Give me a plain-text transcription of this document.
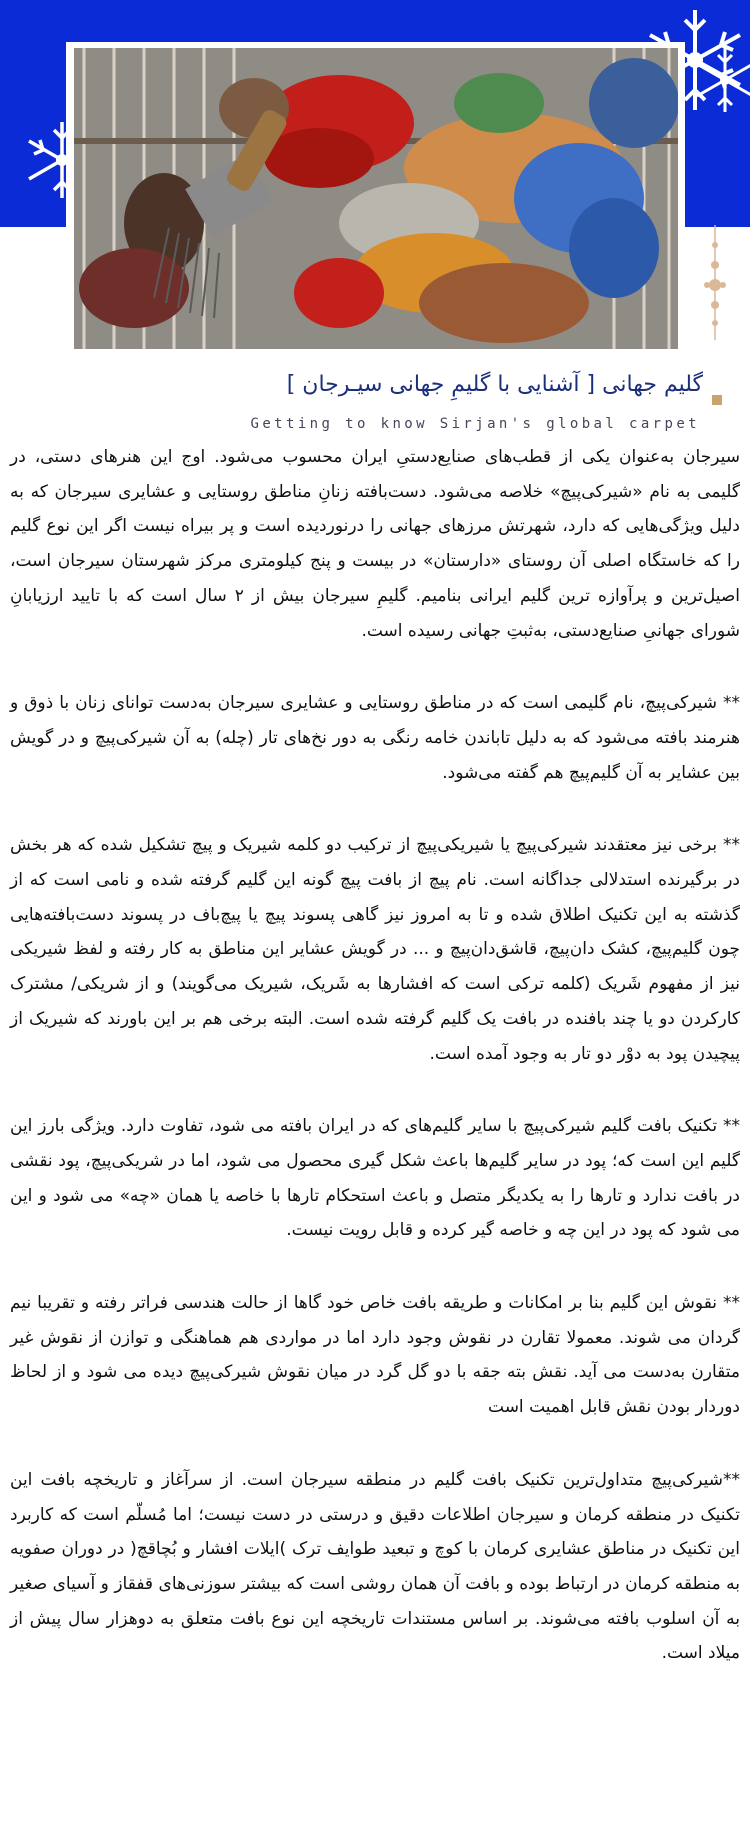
گلیم جهانی [ آشنایی با گلیمِ جهانی سیـرجان ]
Getting to know Sirjan's global carpet

سیرجان به‌عنوان یکی از قطب‌های صنایع‌دستیِ ایران محسوب می‌شود. اوج این هنرهای دستی، در گلیمی به نام «شیرکی‌پیچ» خلاصه می‌شود. دست‌بافته زنانِ مناطق روستایی و عشایری سیرجان که به دلیل ویژگی‌هایی که دارد، شهرتش مرزهای جهانی را درنوردیده است و پر بیراه نیست اگر این نوع گلیم را که خاستگاه اصلی آن روستای «دارستان» در بیست و پنج کیلومتری مرکز شهرستان سیرجان است، اصیل‌ترین و پرآوازه ترین گلیم ایرانی بنامیم. گلیمِ سیرجان بیش از ۲ سال است که با تایید ارزیابانِ شورای جهانیِ صنایع‌دستی، به‌ثبتِ جهانی رسیده است.

** شیرکی‌پیچ، نام گلیمی است که در مناطق روستایی و عشایری سیرجان به‌دست توانای زنان با ذوق و هنرمند بافته می‌شود که به دلیل تاباندن خامه رنگی به دور نخ‌های تار (چله) به آن شیرکی‌پیچ و در گویش بین عشایر به آن گلیم‌پیچ هم گفته می‌شود.

** برخی نیز معتقدند شیرکی‌پیچ یا شیریکی‌پیچ از ترکیب دو کلمه شیریک و پیچ تشکیل شده که هر بخش در برگیرنده استدلالی جداگانه است. نام پیچ از بافت پیچ گونه این گلیم گرفته شده و نامی است که از گذشته به این تکنیک اطلاق شده و تا به امروز نیز گاهی پسوند پیچ یا پیچ‌باف در پسوند دست‌بافته‌هایی چون گلیم‌پیچ، کشک دان‌پیچ، قاشق‌دان‌پیچ و ... در گویش عشایر این مناطق به کار رفته و لفظ شیریکی نیز از مفهوم شَریک (کلمه ترکی است که افشارها به شَریک، شیریک می‌گویند) و از شریکی/ مشترک کارکردن دو یا چند بافنده در بافت یک گلیم گرفته شده است. البته برخی هم بر این باورند که شیریک از پیچیدن پود به دوْر دو تار به وجود آمده است.

** تکنیک بافت گلیم شیرکی‌پیچ با سایر گلیم‌های که در ایران بافته می شود، تفاوت دارد. ویژگی بارز این گلیم این است که؛ پود در سایر گلیم‌ها باعث شکل گیری محصول می شود، اما در شریکی‌پیچ، پود نقشی در بافت ندارد و تارها را به یکدیگر متصل و باعث استحکام تارها با خاصه یا همان «چه» می شود و این می شود که پود در این چه و خاصه گیر کرده و قابل رویت نیست.

** نقوش این گلیم بنا بر امکانات و طریقه بافت خاص خود گاها از حالت هندسی فراتر رفته و تقریبا نیم گردان می شوند. معمولا تقارن در نقوش وجود دارد اما در مواردی هم هماهنگی و توازن از نقوش غیر متقارن به‌دست می آید. نقش بته جقه با دو گل گرد در میان نقوش شیرکی‌پیچ دیده می شود و از لحاظ دوردار بودن نقش قابل اهمیت است

**شیرکی‌پیچ متداول‌ترین تکنیک بافت گلیم در منطقه سیرجان است. از سرآغاز و تاریخچه بافت این تکنیک در منطقه کرمان و سیرجان اطلاعات دقیق و درستی در دست نیست؛ اما مُسلّم است که کاربرد این تکنیک در مناطق عشایری کرمان با کوچ و تبعید طوایف ترک )ایلات افشار و بُچاقچ( در دوران صفویه به منطقه کرمان در ارتباط بوده و بافت آن همان روشی است که بیشتر سوزنی‌های قفقاز و آسیای صغیر به آن اسلوب بافته می‌شوند. بر اساس مستندات تاریخچه این نوع بافت متعلق به دوهزار سال پیش از میلاد است.
